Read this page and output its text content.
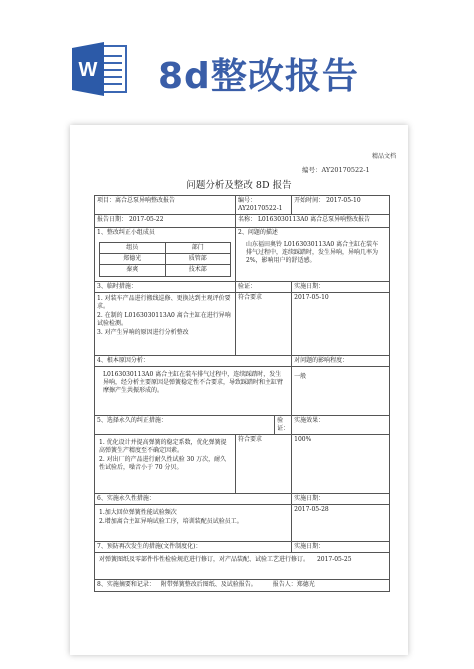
W 8d整改报告
精品文档
编号：AY20170522-1
问题分析及整改 8D 报告
项目：离合总泵异响整改报告	编号：AY20170522-1	开始时间： 2017-05-10
报告日期： 2017-05-22	名称： L0163030113A0 离合总泵异响整改报告

1、整改纠正小组成员
组员	部门
郑德光	质管部
秦爽	技术部

2、问题的描述
山东福田奥铃 L0163030113A0 离合主缸在装车排气过程中，连续踩踏时，发生异响，异响几率为2%，影响用户的舒适感。

3、临时措施：	验证：	实施日期：

1. 对装车产品进行搬线巡修、更换达到主观评价要求。
2. 在制的 L0163030113A0 离合主缸在进行异响试验检测。
3. 对产生异响的原因进行分析整改
	符合要求	2017-05-10
4、根本原因分析：	对问题的影响程度：
L0163030113A0 离合主缸在装车排气过程中，连续踩踏时，发生异响，经分析主要原因是弹簧稳定性不合要求，导致踩踏时和主缸臂摩擦产生共振形成的。	一般
5、选择永久的纠正措施：	验证：	实施效果：

1. 优化设计并提高弹簧的稳定系数，优化弹簧提高弹簧生产精度至不确定因素。
2. 对出厂的产品进行耐久性试验 30 万次，耐久性试验后，噪音小于 70 分贝。
	符合要求	100%
6、实施永久性措施：	实施日期：

1.加大回位弹簧性能试验频次
2.增加离合主缸异响试验工序，培训装配员试验员工。
	2017-05-28
7、预防再次发生的措施(文件制度化)：	实施日期：
对弹簧图纸及零部件作性检验规范进行修订，对产品装配、试验工艺进行修订。 2017-05-25
8、实施摘要和记录： 附带弹簧整改后图纸、及试验报告。	报告人：郑德光
